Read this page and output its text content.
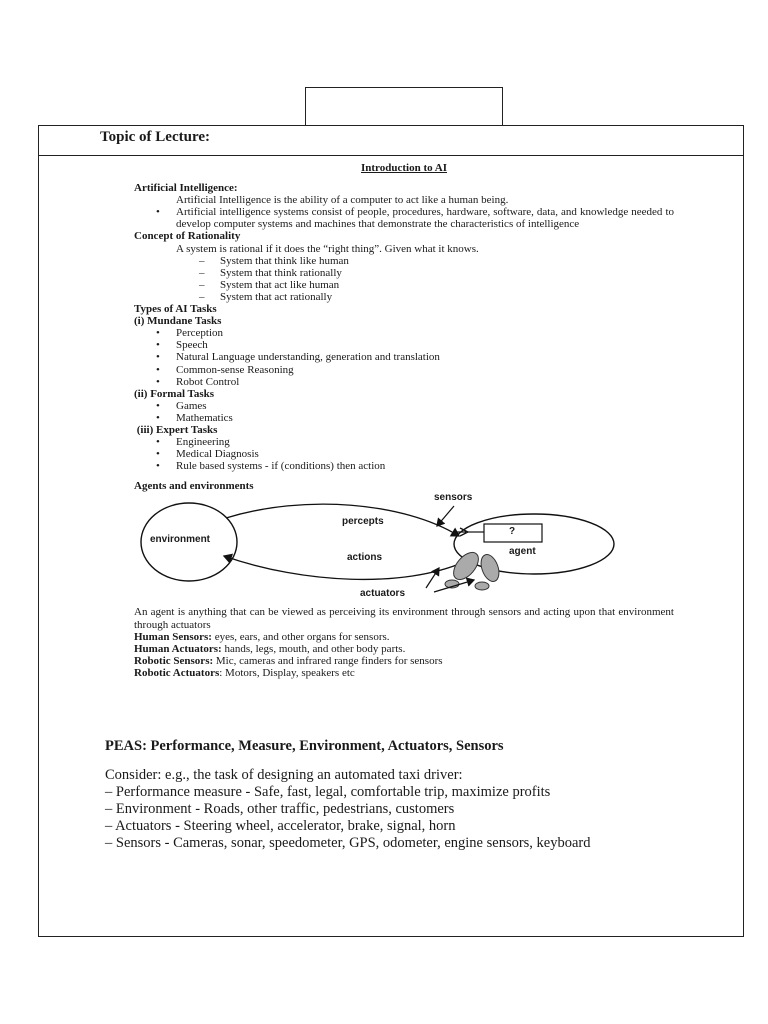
Topic of Lecture:
Introduction to AI
Artificial Intelligence:
Artificial Intelligence is the ability of a computer to act like a human being.
• Artificial intelligence systems consist of people, procedures, hardware, software, data, and knowledge needed to develop computer systems and machines that demonstrate the characteristics of intelligence
Concept of Rationality
A system is rational if it does the “right thing”. Given what it knows.
– System that think like human
– System that think rationally
– System that act like human
– System that act rationally
Types of AI Tasks
(i) Mundane Tasks
• Perception
• Speech
• Natural Language understanding, generation and translation
• Common-sense Reasoning
• Robot Control
(ii) Formal Tasks
• Games
• Mathematics
(iii) Expert Tasks
• Engineering
• Medical Diagnosis
• Rule based systems - if (conditions) then action
Agents and environments
environment
percepts
actions
sensors
?
agent
actuators
An agent is anything that can be viewed as perceiving its environment through sensors and acting upon that environment through actuators
Human Sensors: eyes, ears, and other organs for sensors.
Human Actuators: hands, legs, mouth, and other body parts.
Robotic Sensors: Mic, cameras and infrared range finders for sensors
Robotic Actuators: Motors, Display, speakers etc
PEAS: Performance, Measure, Environment, Actuators, Sensors
Consider: e.g., the task of designing an automated taxi driver:
– Performance measure - Safe, fast, legal, comfortable trip, maximize profits
– Environment - Roads, other traffic, pedestrians, customers
– Actuators - Steering wheel, accelerator, brake, signal, horn
– Sensors - Cameras, sonar, speedometer, GPS, odometer, engine sensors, keyboard
